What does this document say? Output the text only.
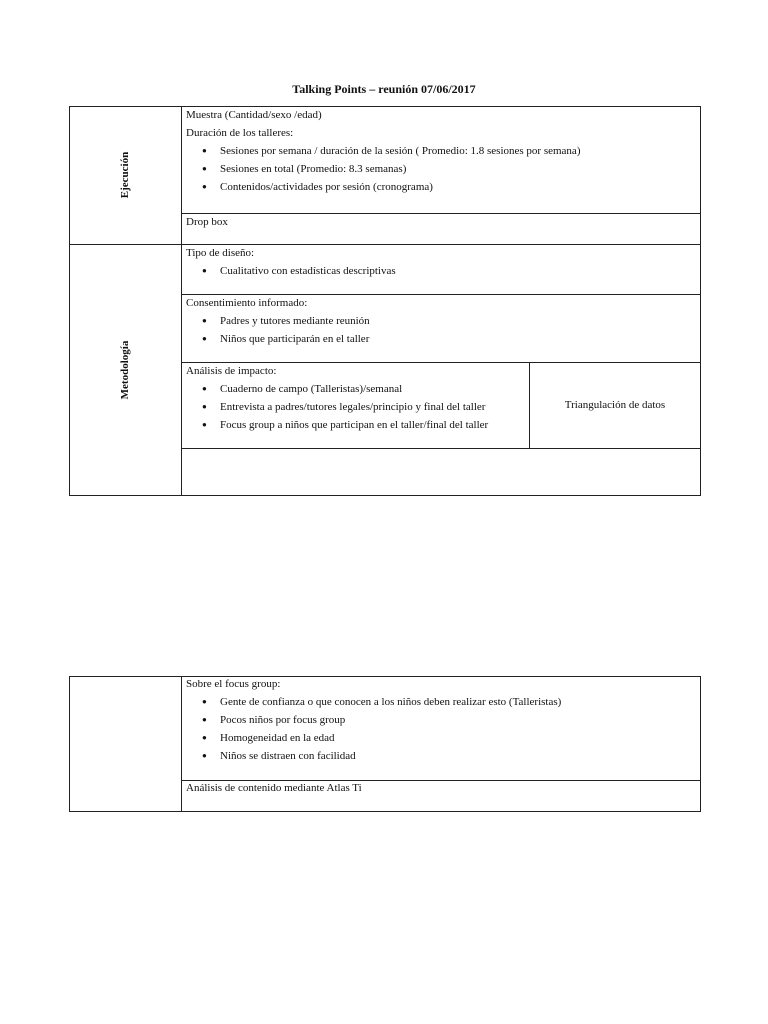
Talking Points – reunión 07/06/2017
Ejecución

Muestra (Cantidad/sexo /edad)

Duración de los talleres:

● Sesiones por semana / duración de la sesión ( Promedio: 1.8 sesiones por semana)
● Sesiones en total (Promedio: 8.3 semanas)
● Contenidos/actividades por sesión (cronograma)

Drop box

Metodología

Tipo de diseño:

● Cualitativo con estadísticas descriptivas

Consentimiento informado:

● Padres y tutores mediante reunión
● Niños que participarán en el taller

Análisis de impacto:

● Cuaderno de campo (Talleristas)/semanal
● Entrevista a padres/tutores legales/principio y final del taller
● Focus group a niños que participan en el taller/final del taller
Triangulación de datos

Sobre el focus group:

● Gente de confianza o que conocen a los niños deben realizar esto (Talleristas)
● Pocos niños por focus group
● Homogeneidad en la edad
● Niños se distraen con facilidad

Análisis de contenido mediante Atlas Ti
